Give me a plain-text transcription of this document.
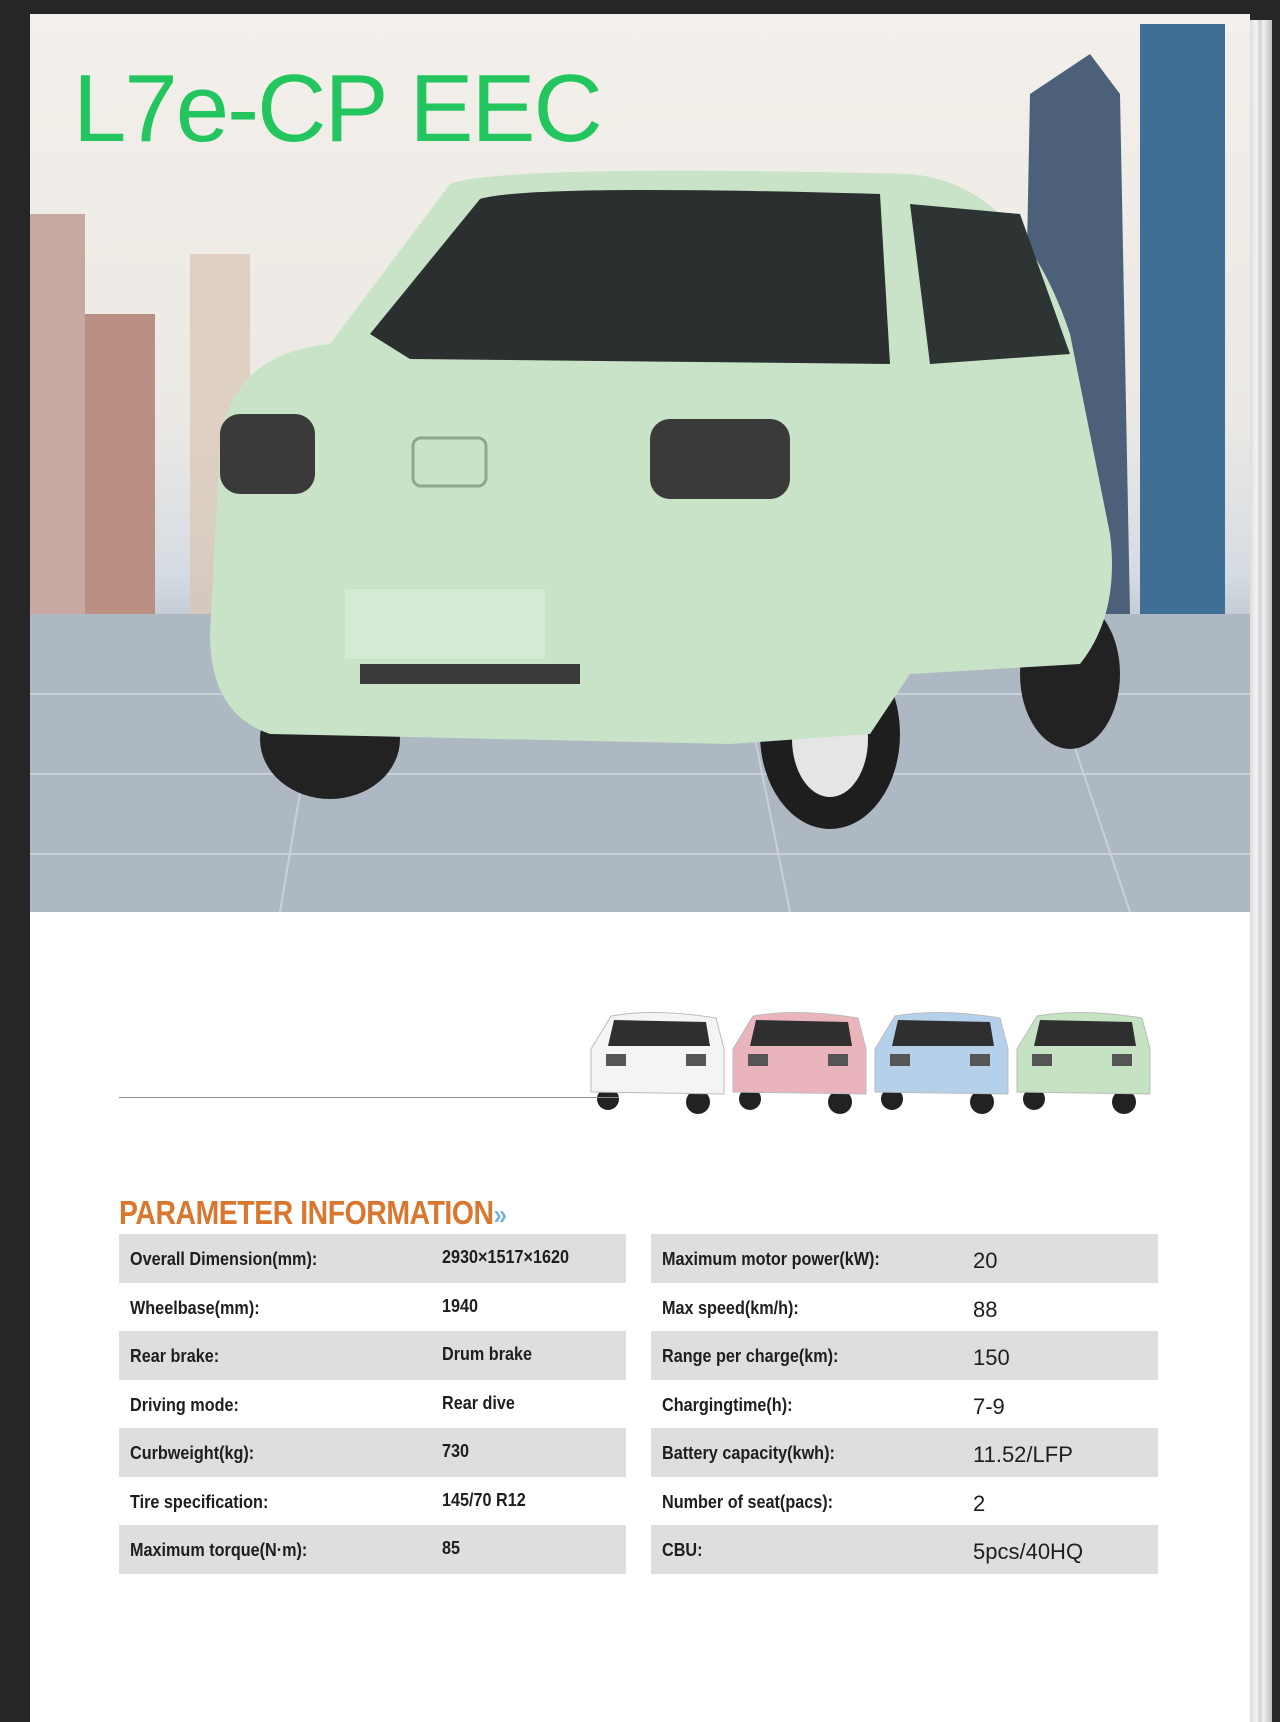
L7e-CP EEC
PARAMETER INFORMATION»
Overall Dimension(mm):	2930×1517×1620
Wheelbase(mm):	1940
Rear brake:	Drum brake
Driving mode:	Rear dive
Curbweight(kg):	730
Tire specification:	145/70 R12
Maximum torque(N·m):	85
Maximum motor power(kW):	20
Max speed(km/h):	88
Range per charge(km):	150
Chargingtime(h):	7-9
Battery capacity(kwh):	11.52/LFP
Number of seat(pacs):	2
CBU:	5pcs/40HQ
